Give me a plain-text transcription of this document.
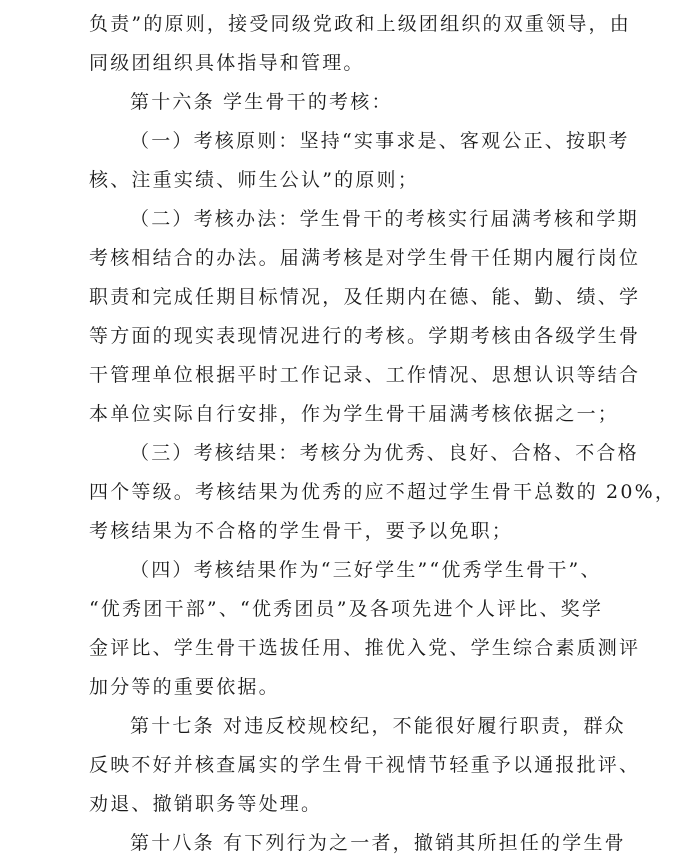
负责”的原则，接受同级党政和上级团组织的双重领导，由
同级团组织具体指导和管理。
第十六条 学生骨干的考核：
（一）考核原则：坚持“实事求是、客观公正、按职考
核、注重实绩、师生公认”的原则；
（二）考核办法：学生骨干的考核实行届满考核和学期
考核相结合的办法。届满考核是对学生骨干任期内履行岗位
职责和完成任期目标情况，及任期内在德、能、勤、绩、学
等方面的现实表现情况进行的考核。学期考核由各级学生骨
干管理单位根据平时工作记录、工作情况、思想认识等结合
本单位实际自行安排，作为学生骨干届满考核依据之一；
（三）考核结果：考核分为优秀、良好、合格、不合格
四个等级。考核结果为优秀的应不超过学生骨干总数的 20%，
考核结果为不合格的学生骨干，要予以免职；
（四）考核结果作为“三好学生”“优秀学生骨干”、
“优秀团干部”、“优秀团员”及各项先进个人评比、奖学
金评比、学生骨干选拔任用、推优入党、学生综合素质测评
加分等的重要依据。
第十七条 对违反校规校纪，不能很好履行职责，群众
反映不好并核查属实的学生骨干视情节轻重予以通报批评、
劝退、撤销职务等处理。
第十八条 有下列行为之一者，撤销其所担任的学生骨
